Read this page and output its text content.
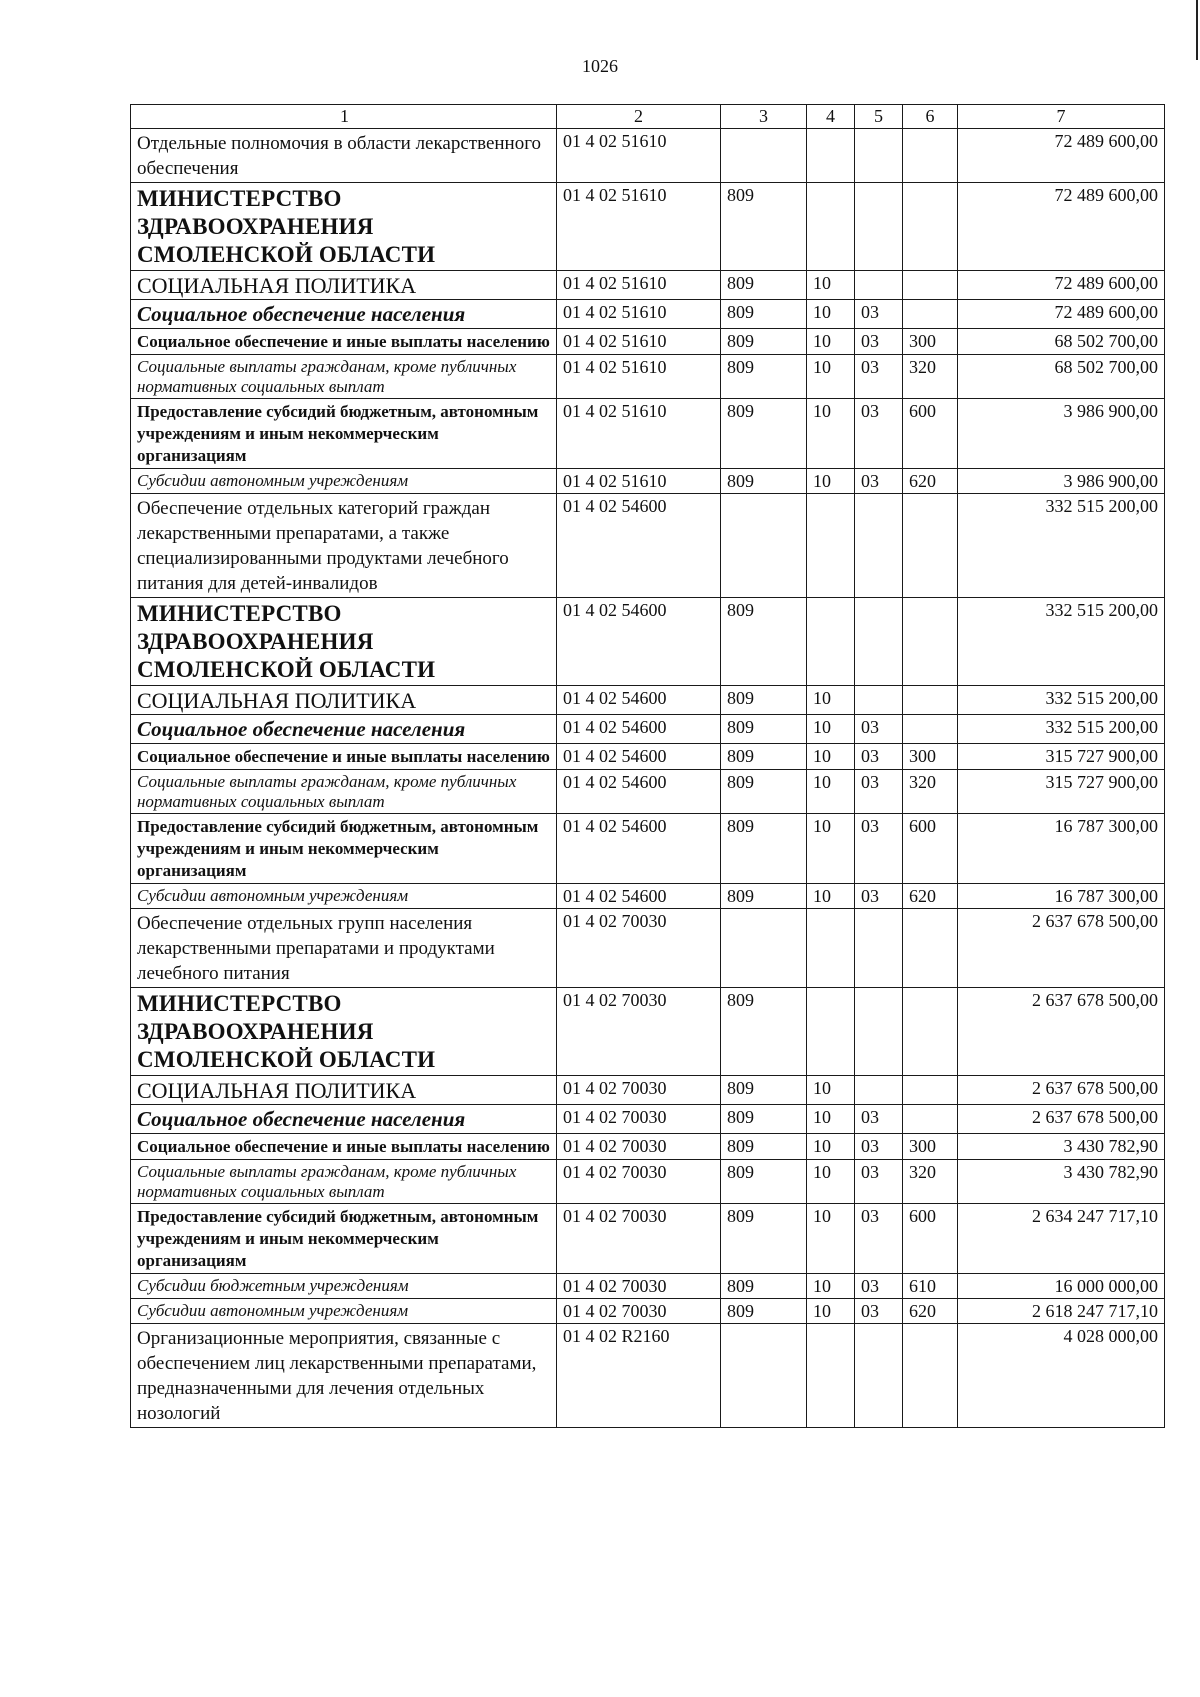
1026
1	2	3	4	5	6	7

Отдельные полномочия в области лекарственного обеспечения	01 4 02 51610					72 489 600,00

МИНИСТЕРСТВО ЗДРАВООХРАНЕНИЯ СМОЛЕНСКОЙ ОБЛАСТИ	01 4 02 51610	809				72 489 600,00

СОЦИАЛЬНАЯ ПОЛИТИКА	01 4 02 51610	809	10			72 489 600,00

Социальное обеспечение населения	01 4 02 51610	809	10	03		72 489 600,00

Социальное обеспечение и иные выплаты населению	01 4 02 51610	809	10	03	300	68 502 700,00

Социальные выплаты гражданам, кроме публичных нормативных социальных выплат	01 4 02 51610	809	10	03	320	68 502 700,00

Предоставление субсидий бюджетным, автономным учреждениям и иным некоммерческим организациям	01 4 02 51610	809	10	03	600	3 986 900,00

Субсидии автономным учреждениям	01 4 02 51610	809	10	03	620	3 986 900,00

Обеспечение отдельных категорий граждан лекарственными препаратами, а также специализированными продуктами лечебного питания для детей-инвалидов	01 4 02 54600					332 515 200,00

МИНИСТЕРСТВО ЗДРАВООХРАНЕНИЯ СМОЛЕНСКОЙ ОБЛАСТИ	01 4 02 54600	809				332 515 200,00

СОЦИАЛЬНАЯ ПОЛИТИКА	01 4 02 54600	809	10			332 515 200,00

Социальное обеспечение населения	01 4 02 54600	809	10	03		332 515 200,00

Социальное обеспечение и иные выплаты населению	01 4 02 54600	809	10	03	300	315 727 900,00

Социальные выплаты гражданам, кроме публичных нормативных социальных выплат	01 4 02 54600	809	10	03	320	315 727 900,00

Предоставление субсидий бюджетным, автономным учреждениям и иным некоммерческим организациям	01 4 02 54600	809	10	03	600	16 787 300,00

Субсидии автономным учреждениям	01 4 02 54600	809	10	03	620	16 787 300,00

Обеспечение отдельных групп населения лекарственными препаратами и продуктами лечебного питания	01 4 02 70030					2 637 678 500,00

МИНИСТЕРСТВО ЗДРАВООХРАНЕНИЯ СМОЛЕНСКОЙ ОБЛАСТИ	01 4 02 70030	809				2 637 678 500,00

СОЦИАЛЬНАЯ ПОЛИТИКА	01 4 02 70030	809	10			2 637 678 500,00

Социальное обеспечение населения	01 4 02 70030	809	10	03		2 637 678 500,00

Социальное обеспечение и иные выплаты населению	01 4 02 70030	809	10	03	300	3 430 782,90

Социальные выплаты гражданам, кроме публичных нормативных социальных выплат	01 4 02 70030	809	10	03	320	3 430 782,90

Предоставление субсидий бюджетным, автономным учреждениям и иным некоммерческим организациям	01 4 02 70030	809	10	03	600	2 634 247 717,10

Субсидии бюджетным учреждениям	01 4 02 70030	809	10	03	610	16 000 000,00

Субсидии автономным учреждениям	01 4 02 70030	809	10	03	620	2 618 247 717,10

Организационные мероприятия, связанные с обеспечением лиц лекарственными препаратами, предназначенными для лечения отдельных нозологий	01 4 02 R2160					4 028 000,00
